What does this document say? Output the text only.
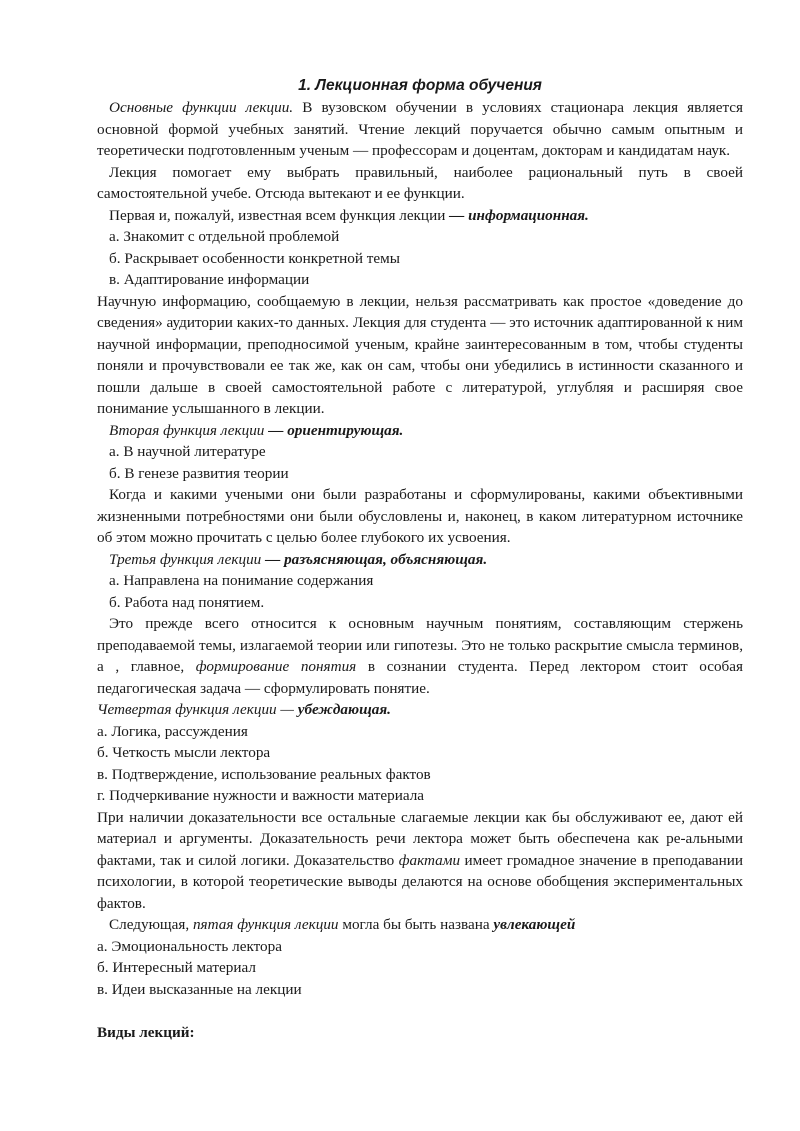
1. Лекционная форма обучения

Основные функции лекции. В вузовском обучении в условиях стационара лекция является основной формой учебных занятий. Чтение лекций поручается обычно самым опытным и теоретически подготовленным ученым — профессорам и доцентам, докторам и кандидатам наук.

Лекция помогает ему выбрать правильный, наиболее рациональный путь в своей самостоятельной учебе. Отсюда вытекают и ее функции.

Первая и, пожалуй, известная всем функция лекции — информационная.

а. Знакомит с отдельной проблемой

б. Раскрывает особенности конкретной темы

в. Адаптирование информации

Научную информацию, сообщаемую в лекции, нельзя рассматривать как простое «доведение до сведения» аудитории каких-то данных. Лекция для студента — это источник адаптированной к ним научной информации, преподносимой ученым, крайне заинтересованным в том, чтобы студенты поняли и прочувствовали ее так же, как он сам, чтобы они убедились в истинности сказанного и пошли дальше в своей самостоятельной работе с литературой, углубляя и расширяя свое понимание услышанного в лекции.

Вторая функция лекции — ориентирующая.

а. В научной литературе

б. В генезе развития теории

Когда и какими учеными они были разработаны и сформулированы, какими объективными жизненными потребностями они были обусловлены и, наконец, в каком литературном источнике об этом можно прочитать с целью более глубокого их усвоения.

Третья функция лекции — разъясняющая, объясняющая.

а. Направлена на понимание содержания

б. Работа над понятием.

Это прежде всего относится к основным научным понятиям, составляющим стержень преподаваемой темы, излагаемой теории или гипотезы. Это не только раскрытие смысла терминов, а , главное, формирование понятия в сознании студента. Перед лектором стоит особая педагогическая задача — сформулировать понятие.

Четвертая функция лекции — убеждающая.

а. Логика, рассуждения

б. Четкость мысли лектора

в. Подтверждение, использование реальных фактов

г. Подчеркивание нужности и важности материала

При наличии доказательности все остальные слагаемые лекции как бы обслуживают ее, дают ей материал и аргументы. Доказательность речи лектора может быть обеспечена как ре-альными фактами, так и силой логики. Доказательство фактами имеет громадное значение в преподавании психологии, в которой теоретические выводы делаются на основе обобщения экспериментальных фактов.

Следующая, пятая функция лекции могла бы быть названа увлекающей

а. Эмоциональность лектора

б. Интересный материал

в. Идеи высказанные на лекции

Виды лекций:
